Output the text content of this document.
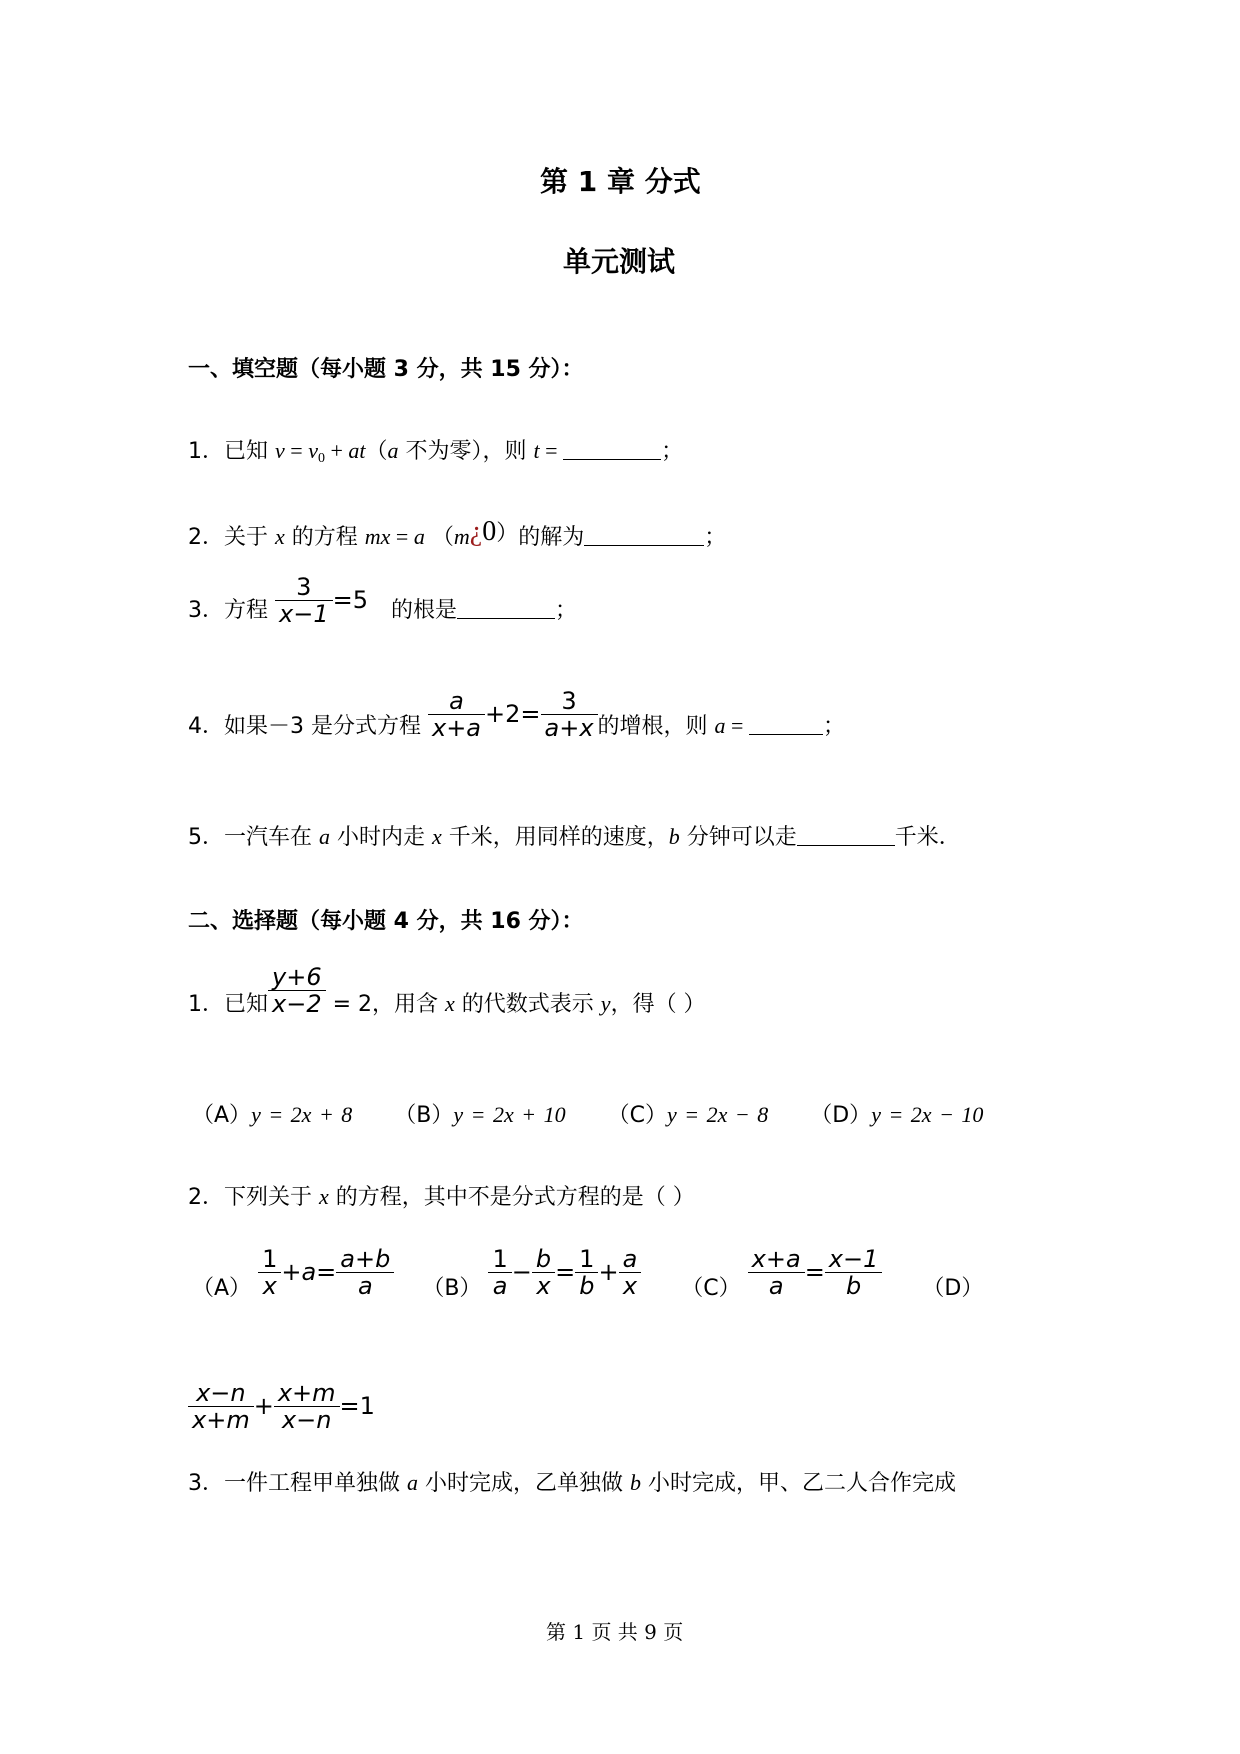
第 1 章 分式
单元测试
一、填空题（每小题 3 分，共 15 分）：
1．已知 $v = v_0 + at(a$ 不为零），则 t =	；
2．关于 x 的方程 mx = a （m¿0）的解为	；
3．方程 $\frac{3}{x-1} =5$ 的根是	；
4．如果－3 是分式方程 $\frac{a}{x+a} +2= \frac{3}{a+x}$ 的增根，则 a =	；
5．一汽车在 a 小时内走 x 千米，用同样的速度，b 分钟可以走	千米．
二、选择题（每小题 4 分，共 16 分）：
1．已知 $\frac{y+6}{x-2} = 2$，用含 x 的代数式表示 y，得（ ）
（A）y = 2x + 8 （B）y = 2x + 10 （C）y = 2x − 8 （D）y = 2x − 10
2．下列关于 x 的方程，其中不是分式方程的是（ ）
$(A) \frac{1}{x} +a= \frac{a+b}{a} (B) \frac{1}{a} - \frac{b}{x} = \frac{1}{b} + \frac{a}{x} (C) \frac{x+a}{a} = \frac{x-1}{b} (D)$
$\frac{x-n}{x+m} + \frac{x+m}{x-n} =1$
3．一件工程甲单独做 a 小时完成，乙单独做 b 小时完成，甲、乙二人合作完成
第 1 页 共 9 页
